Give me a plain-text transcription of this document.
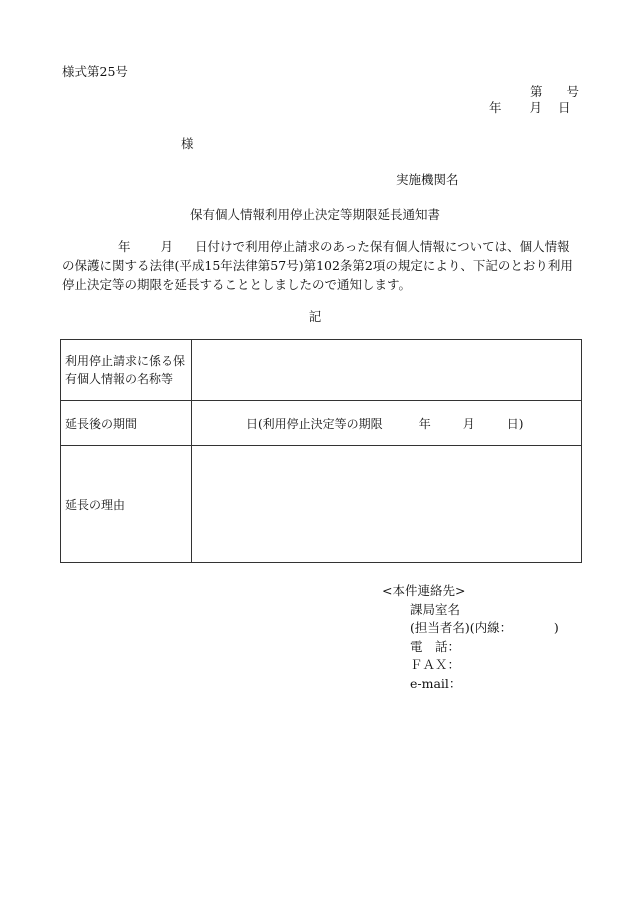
様式第25号
第 号
年 月 日
様
実施機関名
保有個人情報利用停止決定等期限延長通知書
年 月 日付けで利用停止請求のあった保有個人情報については、個人情報の保護に関する法律(平成15年法律第57号)第102条第2項の規定により、下記のとおり利用停止決定等の期限を延長することとしましたので通知します。
記
利用停止請求に係る保有個人情報の名称等	
延長後の期間	日(利用停止決定等の期限 年 月 日)
延長の理由	
<本件連絡先>
課局室名
(担当者名)(内線：	)
電　話：
ＦＡＸ：
e-mail：
